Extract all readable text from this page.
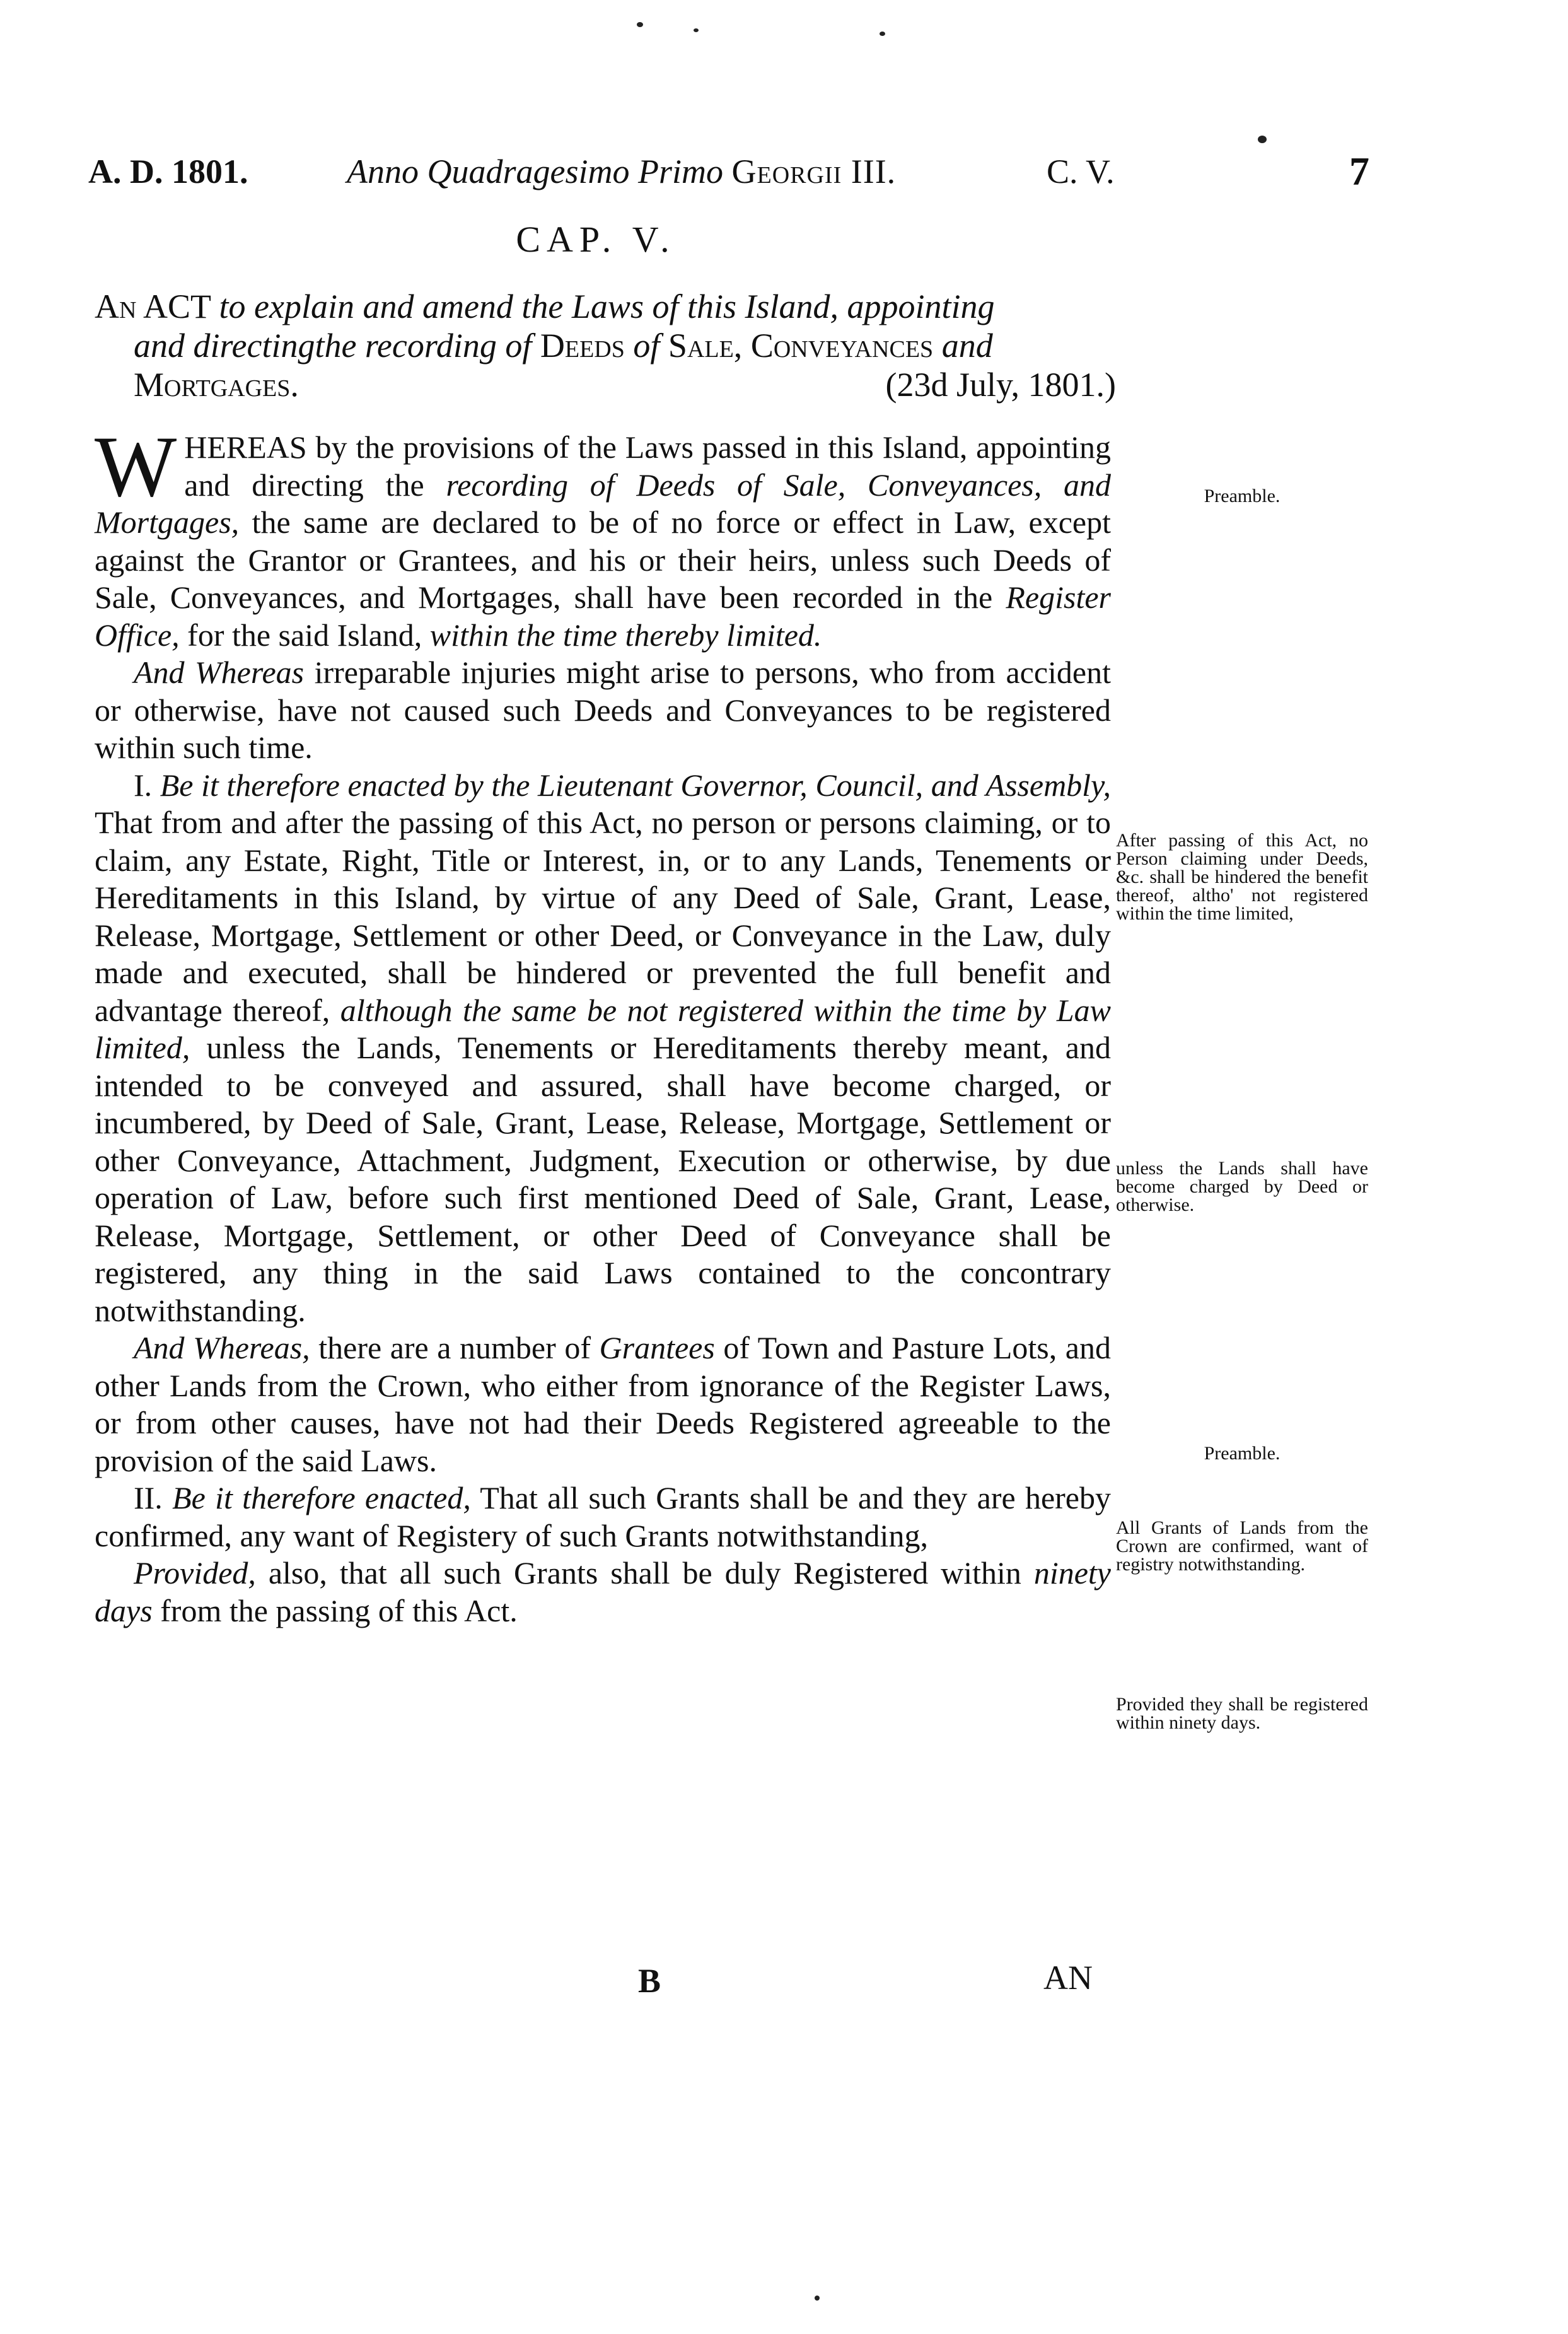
A. D. 1801.	Anno Quadragesimo Primo Georgii III.	C. V.	7
CAP. V.
An ACT to explain and amend the Laws of this Island, appointing
and directingthe recording of Deeds of Sale, Conveyances and
Mortgages.	(23d July, 1801.)

WHEREAS by the provisions of the Laws passed in this Island, appointing and directing the recording of Deeds of Sale, Conveyances, and Mortgages, the same are declared to be of no force or effect in Law, except against the Grantor or Grantees, and his or their heirs, unless such Deeds of Sale, Conveyances, and Mortgages, shall have been recorded in the Register Office, for the said Island, within the time thereby limited.

And Whereas irreparable injuries might arise to persons, who from accident or otherwise, have not caused such Deeds and Conveyances to be registered within such time.

I. Be it therefore enacted by the Lieutenant Governor, Council, and Assembly, That from and after the passing of this Act, no person or persons claiming, or to claim, any Estate, Right, Title or Interest, in, or to any Lands, Tenements or Hereditaments in this Island, by virtue of any Deed of Sale, Grant, Lease, Release, Mortgage, Settlement or other Deed, or Conveyance in the Law, duly made and executed, shall be hindered or prevented the full benefit and advantage thereof, although the same be not registered within the time by Law limited, unless the Lands, Tenements or Hereditaments thereby meant, and intended to be conveyed and assured, shall have become charged, or incumbered, by Deed of Sale, Grant, Lease, Release, Mortgage, Settlement or other Conveyance, Attachment, Judgment, Execution or otherwise, by due operation of Law, before such first mentioned Deed of Sale, Grant, Lease, Release, Mortgage, Settlement, or other Deed of Conveyance shall be registered, any thing in the said Laws contained to the concontrary notwithstanding.

And Whereas, there are a number of Grantees of Town and Pasture Lots, and other Lands from the Crown, who either from ignorance of the Register Laws, or from other causes, have not had their Deeds Registered agreeable to the provision of the said Laws.

II. Be it therefore enacted, That all such Grants shall be and they are hereby confirmed, any want of Registery of such Grants notwithstanding,

Provided, also, that all such Grants shall be duly Registered within ninety days from the passing of this Act.

Preamble.
After passing of this Act, no Person claiming under Deeds, &c. shall be hindered the benefit thereof, altho' not registered within the time limited,
unless the Lands shall have become charged by Deed or otherwise.
Preamble.
All Grants of Lands from the Crown are confirmed, want of registry notwithstanding.
Provided they shall be registered within ninety days.
B	AN
